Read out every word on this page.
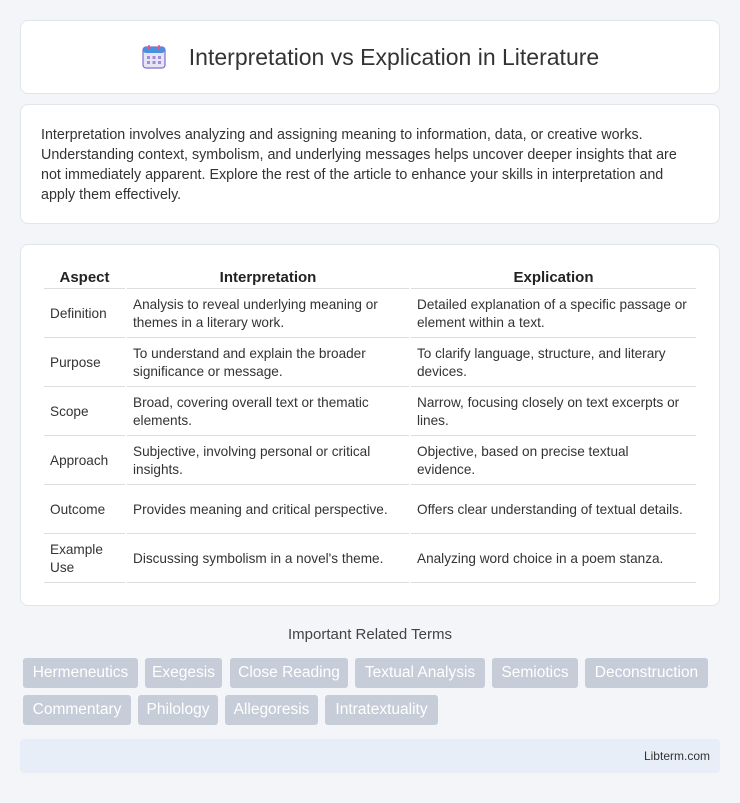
Interpretation vs Explication in Literature

Interpretation involves analyzing and assigning meaning to information, data, or creative works. Understanding context, symbolism, and underlying messages helps uncover deeper insights that are not immediately apparent. Explore the rest of the article to enhance your skills in interpretation and apply them effectively.

Aspect	Interpretation	Explication
Definition	Analysis to reveal underlying meaning or themes in a literary work.	Detailed explanation of a specific passage or element within a text.
Purpose	To understand and explain the broader significance or message.	To clarify language, structure, and literary devices.
Scope	Broad, covering overall text or thematic elements.	Narrow, focusing closely on text excerpts or lines.
Approach	Subjective, involving personal or critical insights.	Objective, based on precise textual evidence.
Outcome	Provides meaning and critical perspective.	Offers clear understanding of textual details.
Example Use	Discussing symbolism in a novel's theme.	Analyzing word choice in a poem stanza.
Important Related Terms
Hermeneutics	Exegesis	Close Reading	Textual Analysis	Semiotics	Deconstruction
Commentary	Philology	Allegoresis	Intratextuality
Libterm.com
